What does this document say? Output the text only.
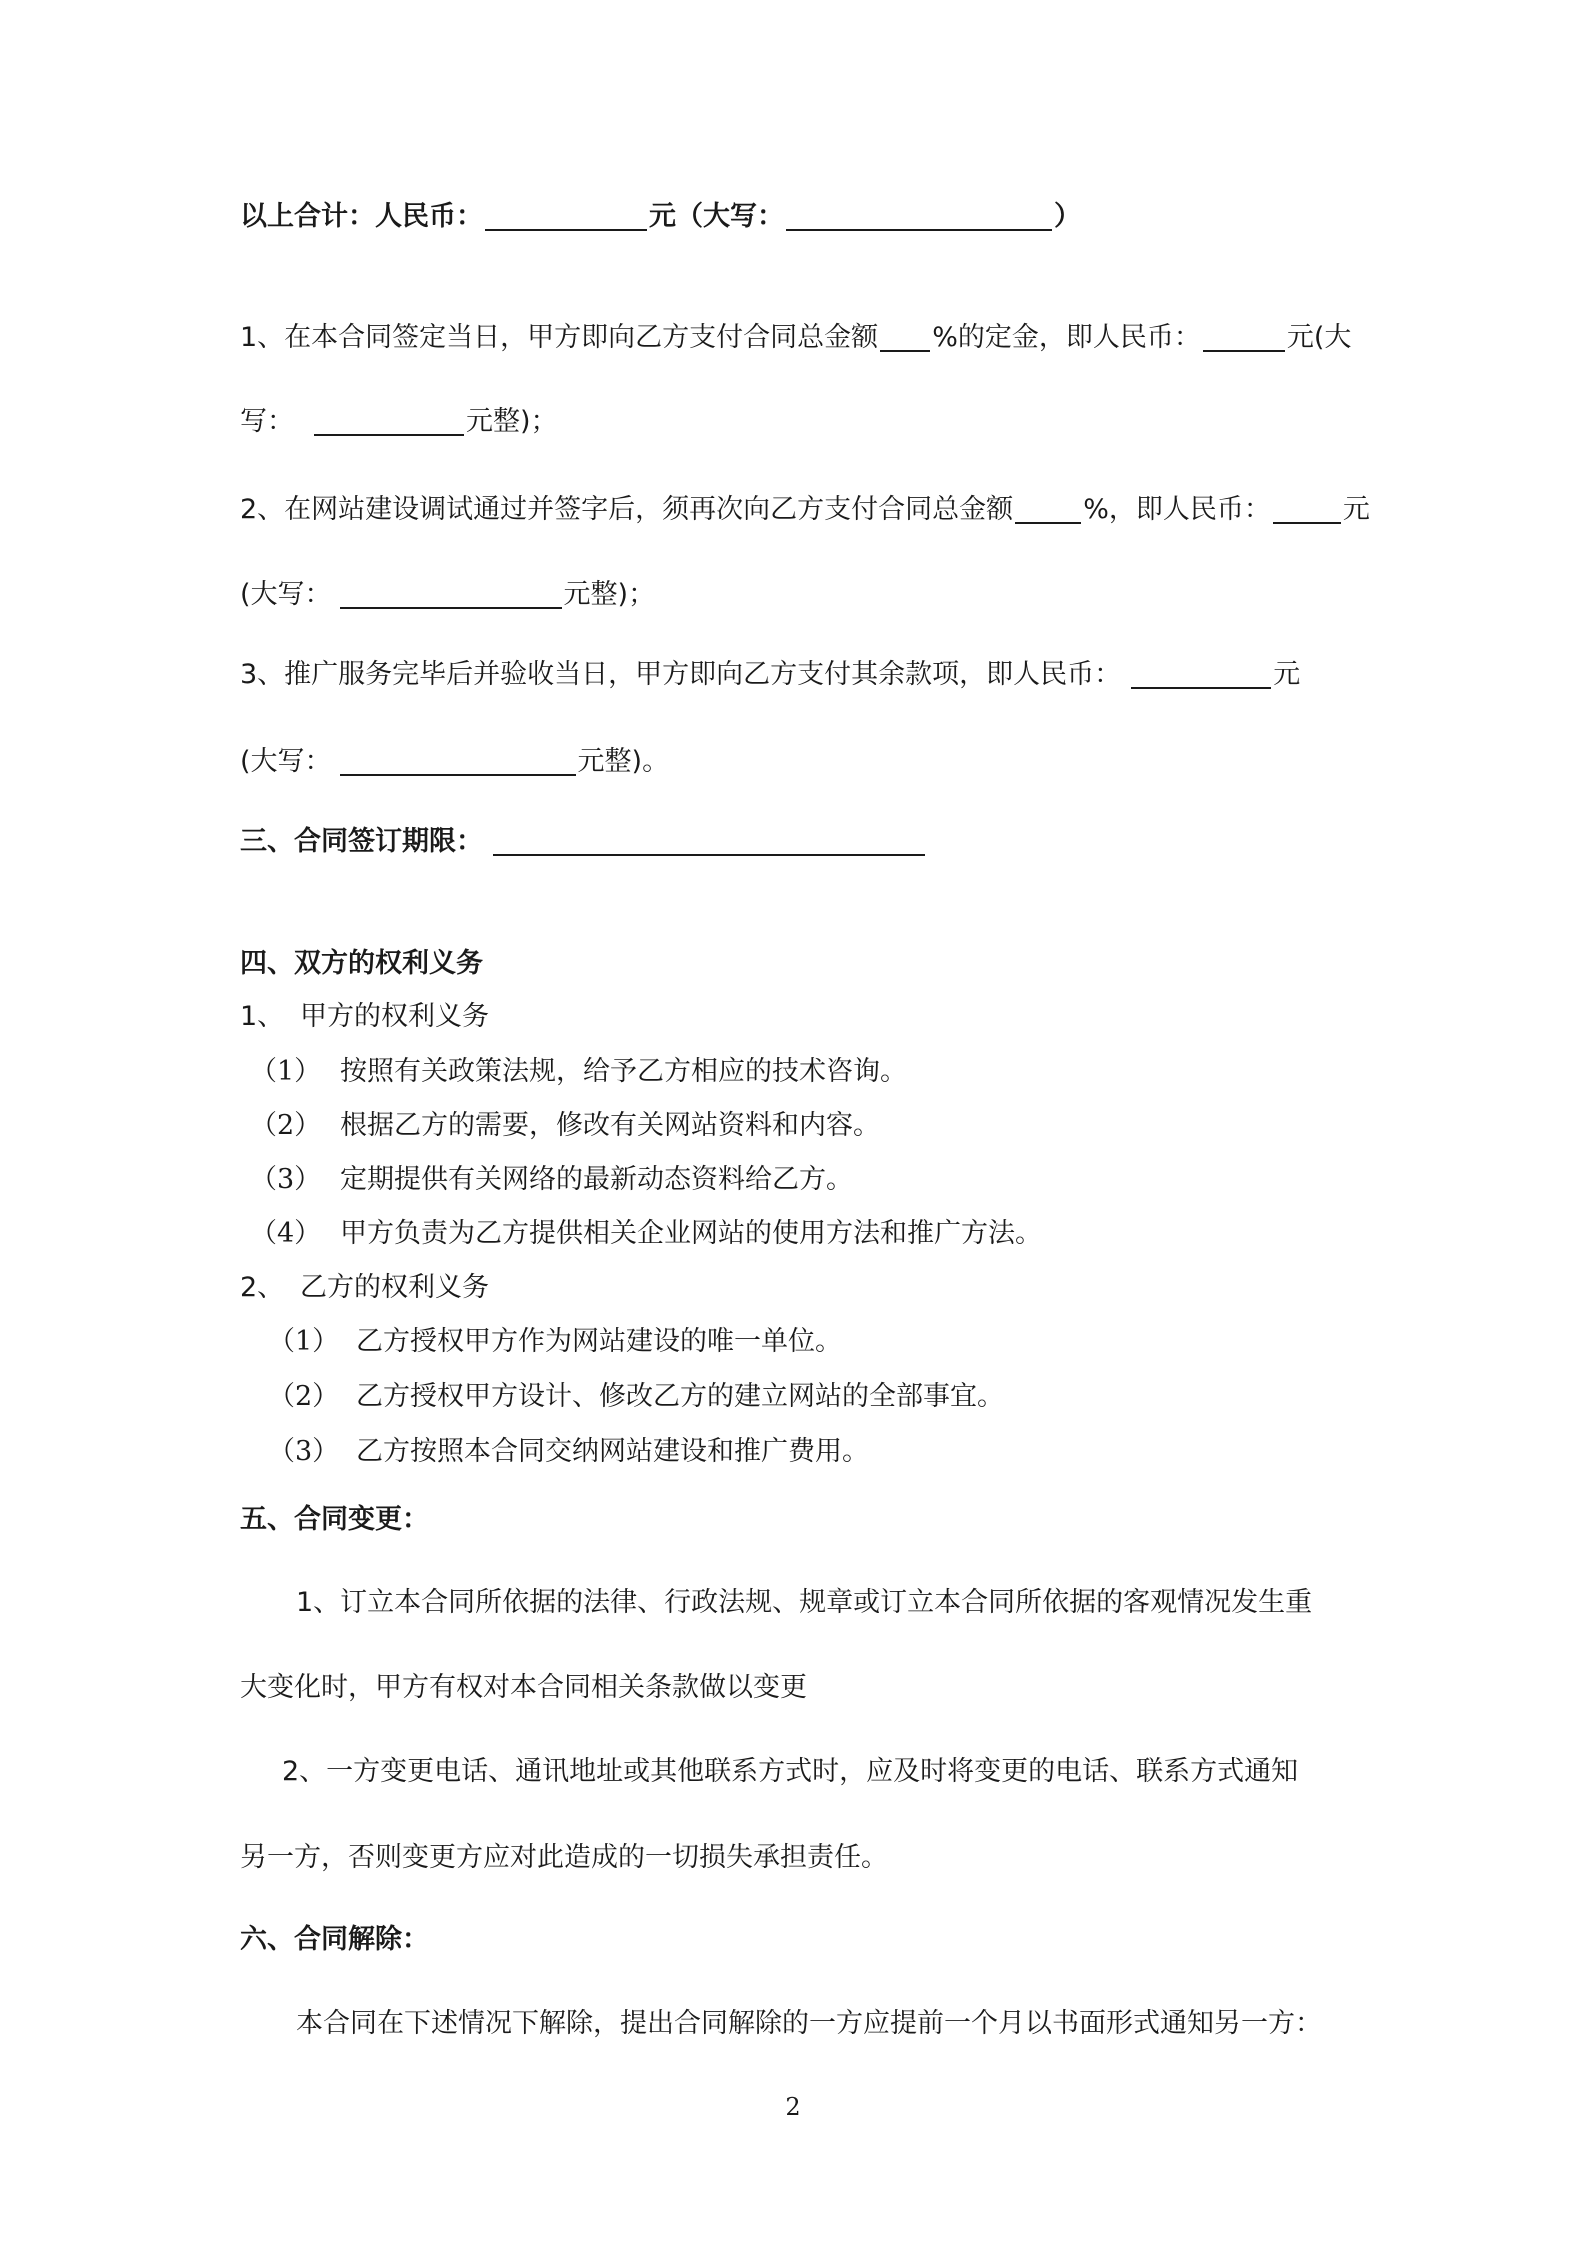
以上合计：人民币：	元（大写：	）
1、在本合同签定当日，甲方即向乙方支付合同总金额 %的定金，即人民币：	元(大
写：	元整)；
2、在网站建设调试通过并签字后，须再次向乙方支付合同总金额	%，即人民币：	元
(大写：	元整)；
3、推广服务完毕后并验收当日，甲方即向乙方支付其余款项，即人民币：	元
(大写：	元整)。
三、合同签订期限：
四、双方的权利义务
1、 甲方的权利义务
（1） 按照有关政策法规，给予乙方相应的技术咨询。
（2） 根据乙方的需要，修改有关网站资料和内容。
（3） 定期提供有关网络的最新动态资料给乙方。
（4） 甲方负责为乙方提供相关企业网站的使用方法和推广方法。
2、 乙方的权利义务
（1） 乙方授权甲方作为网站建设的唯一单位。
（2） 乙方授权甲方设计、修改乙方的建立网站的全部事宜。
（3） 乙方按照本合同交纳网站建设和推广费用。
五、合同变更：
1、订立本合同所依据的法律、行政法规、规章或订立本合同所依据的客观情况发生重
大变化时，甲方有权对本合同相关条款做以变更
2、一方变更电话、通讯地址或其他联系方式时，应及时将变更的电话、联系方式通知
另一方，否则变更方应对此造成的一切损失承担责任。
六、合同解除：
本合同在下述情况下解除，提出合同解除的一方应提前一个月以书面形式通知另一方：
2
